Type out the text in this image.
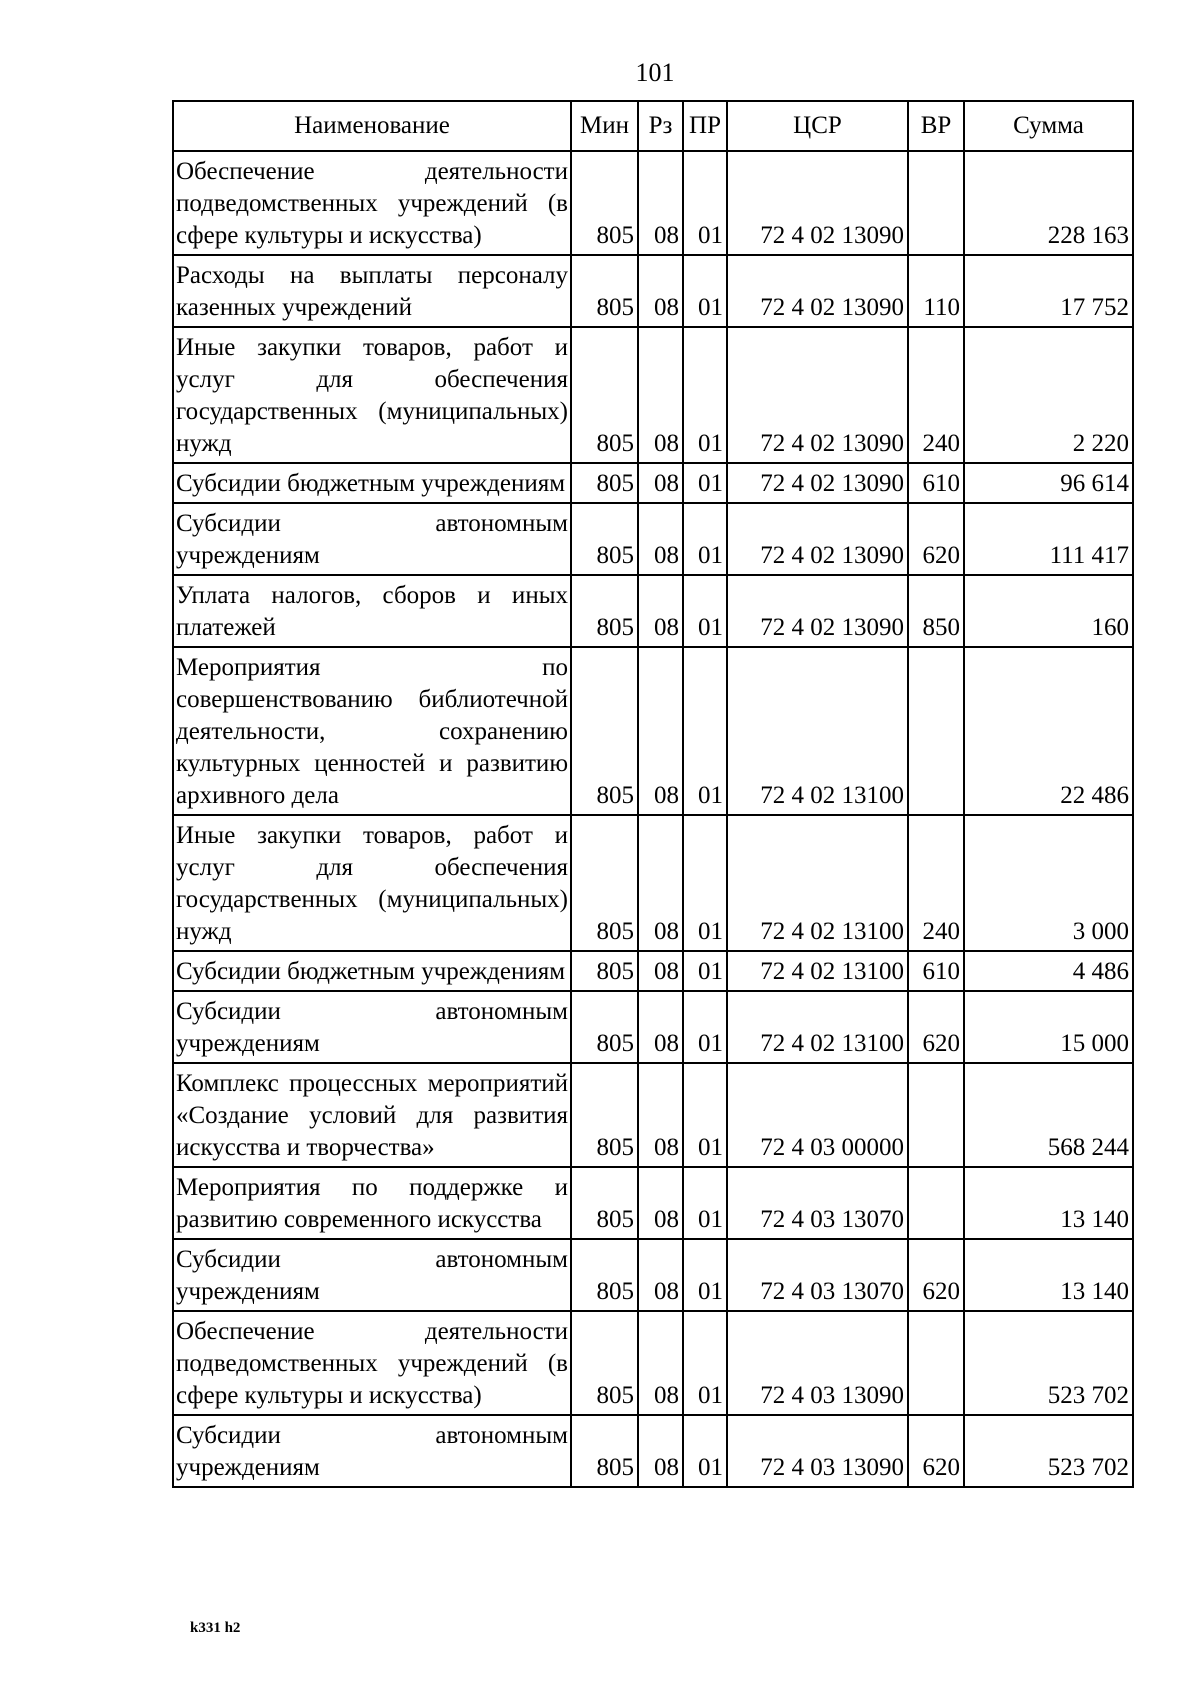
101
Наименование	Мин	Рз	ПР	ЦСР	ВР	Сумма
Обеспечение деятельности подведомственных учреждений (в сфере культуры и искусства)	805	08	01	72 4 02 13090		228 163
Расходы на выплаты персоналу казенных учреждений	805	08	01	72 4 02 13090	110	17 752
Иные закупки товаров, работ и услуг для обеспечения государственных (муниципальных) нужд	805	08	01	72 4 02 13090	240	2 220
Субсидии бюджетным учреждениям	805	08	01	72 4 02 13090	610	96 614
Субсидии автономным учреждениям	805	08	01	72 4 02 13090	620	111 417
Уплата налогов, сборов и иных платежей	805	08	01	72 4 02 13090	850	160
Мероприятия по совершенствованию библиотечной деятельности, сохранению культурных ценностей и развитию архивного дела	805	08	01	72 4 02 13100		22 486
Иные закупки товаров, работ и услуг для обеспечения государственных (муниципальных) нужд	805	08	01	72 4 02 13100	240	3 000
Субсидии бюджетным учреждениям	805	08	01	72 4 02 13100	610	4 486
Субсидии автономным учреждениям	805	08	01	72 4 02 13100	620	15 000
Комплекс процессных мероприятий «Создание условий для развития искусства и творчества»	805	08	01	72 4 03 00000		568 244
Мероприятия по поддержке и развитию современного искусства	805	08	01	72 4 03 13070		13 140
Субсидии автономным учреждениям	805	08	01	72 4 03 13070	620	13 140
Обеспечение деятельности подведомственных учреждений (в сфере культуры и искусства)	805	08	01	72 4 03 13090		523 702
Субсидии автономным учреждениям	805	08	01	72 4 03 13090	620	523 702
k331 h2
